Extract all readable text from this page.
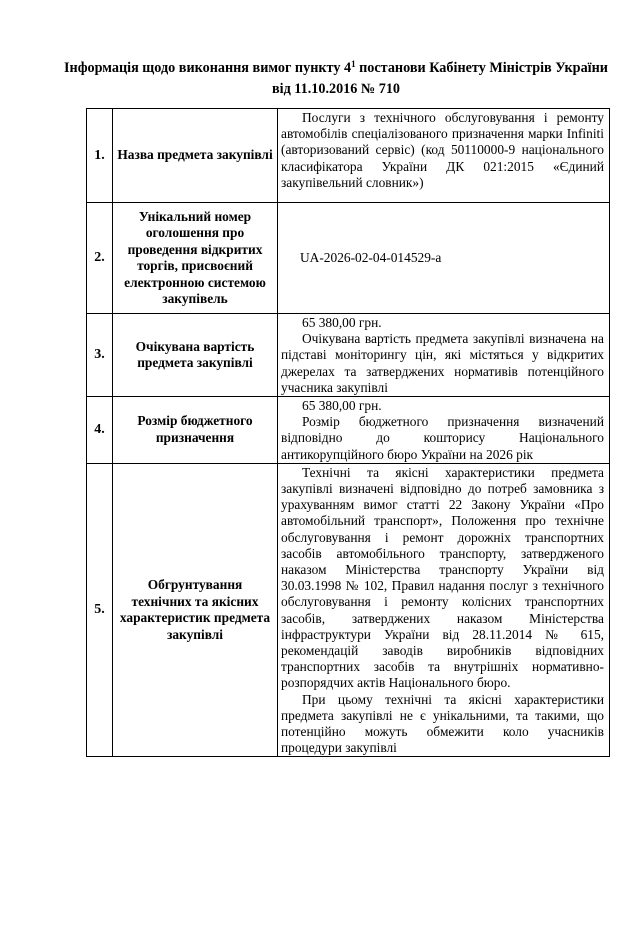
Інформація щодо виконання вимог пункту $4^1$ постанови Кабінету Міністрів України
від 11.10.2016 № 710
1.	Назва предмета закупівлі	Послуги з технічного обслуговування і ремонту автомобілів спеціалізованого призначення марки Infiniti (авторизований сервіс) (код 50110000-9 національного класифікатора України ДК 021:2015 «Єдиний закупівельний словник»)

2.	Унікальний номер оголошення про проведення відкритих торгів, присвоєний електронною системою закупівель	UA-2026-02-04-014529-a
3.	Очікувана вартість предмета закупівлі	65 380,00 грн.

Очікувана вартість предмета закупівлі визначена на підставі моніторингу цін, які містяться у відкритих джерелах та затверджених нормативів потенційного учасника закупівлі

4.	Розмір бюджетного призначення	65 380,00 грн.

Розмір бюджетного призначення визначений відповідно до кошторису Національного антикорупційного бюро України на 2026 рік

5.	Обгрунтування технічних та якісних характеристик предмета закупівлі	Технічні та якісні характеристики предмета закупівлі визначені відповідно до потреб замовника з урахуванням вимог статті 22 Закону України «Про автомобільний транспорт», Положення про технічне обслуговування і ремонт дорожніх транспортних засобів автомобільного транспорту, затвердженого наказом Міністерства транспорту України від 30.03.1998 № 102, Правил надання послуг з технічного обслуговування і ремонту колісних транспортних засобів, затверджених наказом Міністерства інфраструктури України від 28.11.2014 № 615, рекомендацій заводів виробників відповідних транспортних засобів та внутрішніх нормативно-розпорядчих актів Національного бюро.

При цьому технічні та якісні характеристики предмета закупівлі не є унікальними, та такими, що потенційно можуть обмежити коло учасників процедури закупівлі
